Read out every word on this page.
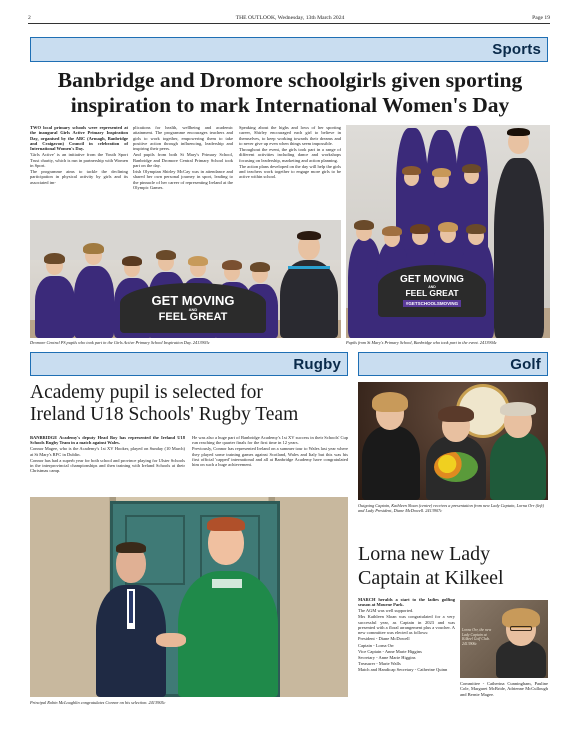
2	THE OUTLOOK, Wednesday, 13th March 2024	Page 19
Sports
Banbridge and Dromore schoolgirls given sporting
inspiration to mark International Women's Day

TWO local primary schools were represented at the inaugural Girls Active Primary Inspiration Day, organised by the ABC (Armagh, Banbridge and Craigavon) Council in celebration of International Women's Day.

'Girls Active' is an initiative from the Youth Sport Trust charity, which is run in partnership with Women in Sport.

The programme aims to tackle the declining participation in physical activity by girls and its associated im-

plications for health, wellbeing and academic attainment. The programme encourages teachers and girls to work together, empowering them to take positive action through influencing, leadership and inspiring their peers.

And pupils from both St Mary's Primary School, Banbridge and Dromore Central Primary School took part on the day.

Irish Olympian Shirley McCay was in attendance and shared her own personal journey in sport, leading to the pinnacle of her career of representing Ireland at the Olympic Games.

Speaking about the highs and lows of her sporting career, Shirley encouraged each girl to believe in themselves, to keep working towards their dreams and to never give up even when things seem impossible.

Throughout the event, the girls took part in a range of different activities including dance and workshops focusing on leadership, marketing and action planning.

The action plans developed on the day will help the girls and teachers work together to engage more girls to be active within school.

GET MOVING
AND
FEEL GREAT
Dromore Central PS pupils who took part in the Girls Active Primary School Inspiration Day. 2413903c
GET MOVING
AND
FEEL GREAT
#GETSCHOOLSMOVING
Pupils from St Mary's Primary School, Banbridge who took part in the event. 2413904c
Rugby	Golf
Academy pupil is selected for
Ireland U18 Schools' Rugby Team

BANBRIDGE Academy's deputy Head Boy has represented the Ireland U18 Schools Rugby Team in a match against Wales.

Connor Magee, who is the Academy's 1st XV Hooker, played on Sunday (10 March) at St Mary's RFC in Dublin.

Connor has had a superb year for both school and province playing for Ulster Schools in the interprovincial championships and then training with Ireland Schools at their Christmas camp.

He was also a huge part of Banbridge Academy's 1st XV success in their Schools' Cup run reaching the quarter finals for the first time in 12 years.

Previously, Connor has represented Ireland on a summer tour to Wales last year where they played some training games against Scotland, Wales and Italy but this was his first official 'capped' international and all at Banbridge Academy have congratulated him on such a huge achievement.

Principal Robin McLoughlin congratulates Connor on his selection. 2413905c
Outgoing Captain, Kathleen Sloan (centre) receives a presentation from new Lady Captain, Lorna Orr (left) and Lady President, Diane McDowell. 2413907c
Lorna new Lady
Captain at Kilkeel

MARCH heralds a start to the ladies golfing season at Mourne Park.

The AGM was well supported.

Mrs Kathleen Sloan was congratulated for a very successful year, as Captain in 2023 and was presented with a floral arrangement plus a voucher. A new committee was elected as follows:

President - Diane McDowell

Captain - Lorna Orr

Vice Captain - Anne Marie Higgins

Secretary - Anne Marie Higgins

Treasurer - Marie Walls

Match and Handicap Secretary - Catherine Quinn

Lorna Orr, the new Lady Captain at Kilkeel Golf Club. 2413906c
Committee - Catherina Cunningham, Pauline Cole, Margaret McBride, Adrienne McCullough and Bernie Magee.
